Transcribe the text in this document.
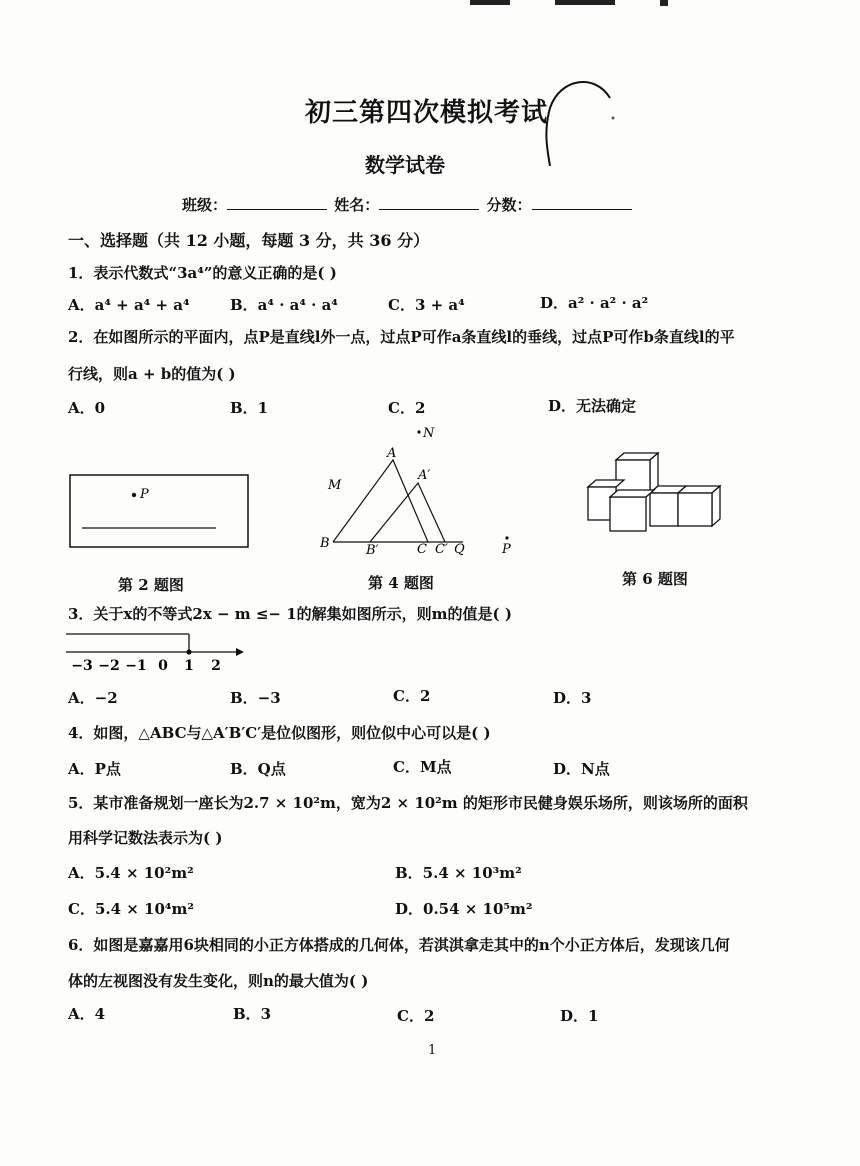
初三第四次模拟考试
数学试卷
班级：	姓名：	分数：
一、选择题（共 12 小题，每题 3 分，共 36 分）
1．表示代数式“3a⁴”的意义正确的是( )
A．a⁴ + a⁴ + a⁴	B．a⁴ · a⁴ · a⁴	C．3 + a⁴	D．a² · a² · a²
2．在如图所示的平面内，点P是直线l外一点，过点P可作a条直线l的垂线，过点P可作b条直线l的平
行线，则a + b的值为( )
A．0	B．1	C．2	D．无法确定
P
第 2 题图
N
M
A
A′
B	B′	C C′ Q	P
第 4 题图	第 6 题图
3．关于x的不等式2x − m ≤− 1的解集如图所示，则m的值是( )
−3 −2 −1 0 1 2
A．−2	B．−3	C．2	D．3
4．如图，△ABC与△A′B′C′是位似图形，则位似中心可以是( )
A．P点	B．Q点	C．M点	D．N点
5．某市准备规划一座长为2.7 × 10²m，宽为2 × 10²m 的矩形市民健身娱乐场所，则该场所的面积
用科学记数法表示为( )
A．5.4 × 10²m²	B．5.4 × 10³m²
C．5.4 × 10⁴m²	D．0.54 × 10⁵m²
6．如图是嘉嘉用6块相同的小正方体搭成的几何体，若淇淇拿走其中的n个小正方体后，发现该几何
体的左视图没有发生变化，则n的最大值为( )
A．4	B．3	C．2	D．1
1
